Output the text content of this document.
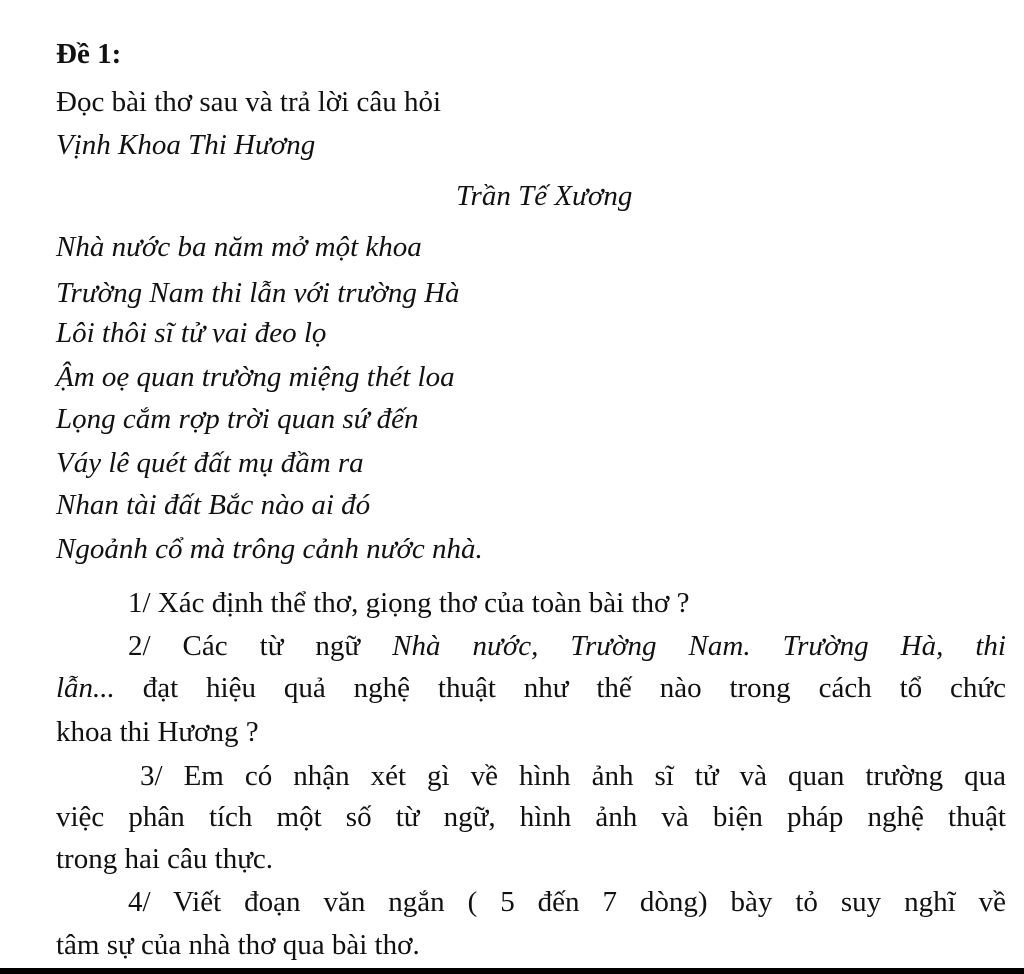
Đề 1:
Đọc bài thơ sau và trả lời câu hỏi
Vịnh Khoa Thi Hương
Trần Tế Xương
Nhà nước ba năm mở một khoa
Trường Nam thi lẫn với trường Hà
Lôi thôi sĩ tử vai đeo lọ
Ậm oẹ quan trường miệng thét loa
Lọng cắm rợp trời quan sứ đến
Váy lê quét đất mụ đầm ra
Nhan tài đất Bắc nào ai đó
Ngoảnh cổ mà trông cảnh nước nhà.
1/ Xác định thể thơ, giọng thơ của toàn bài thơ ?
2/ Các từ ngữ Nhà nước, Trường Nam. Trường Hà, thi
lẫn... đạt hiệu quả nghệ thuật như thế nào trong cách tổ chức
khoa thi Hương ?
3/ Em có nhận xét gì về hình ảnh sĩ tử và quan trường qua
việc phân tích một số từ ngữ, hình ảnh và biện pháp nghệ thuật
trong hai câu thực.
4/ Viết đoạn văn ngắn ( 5 đến 7 dòng) bày tỏ suy nghĩ về
tâm sự của nhà thơ qua bài thơ.
